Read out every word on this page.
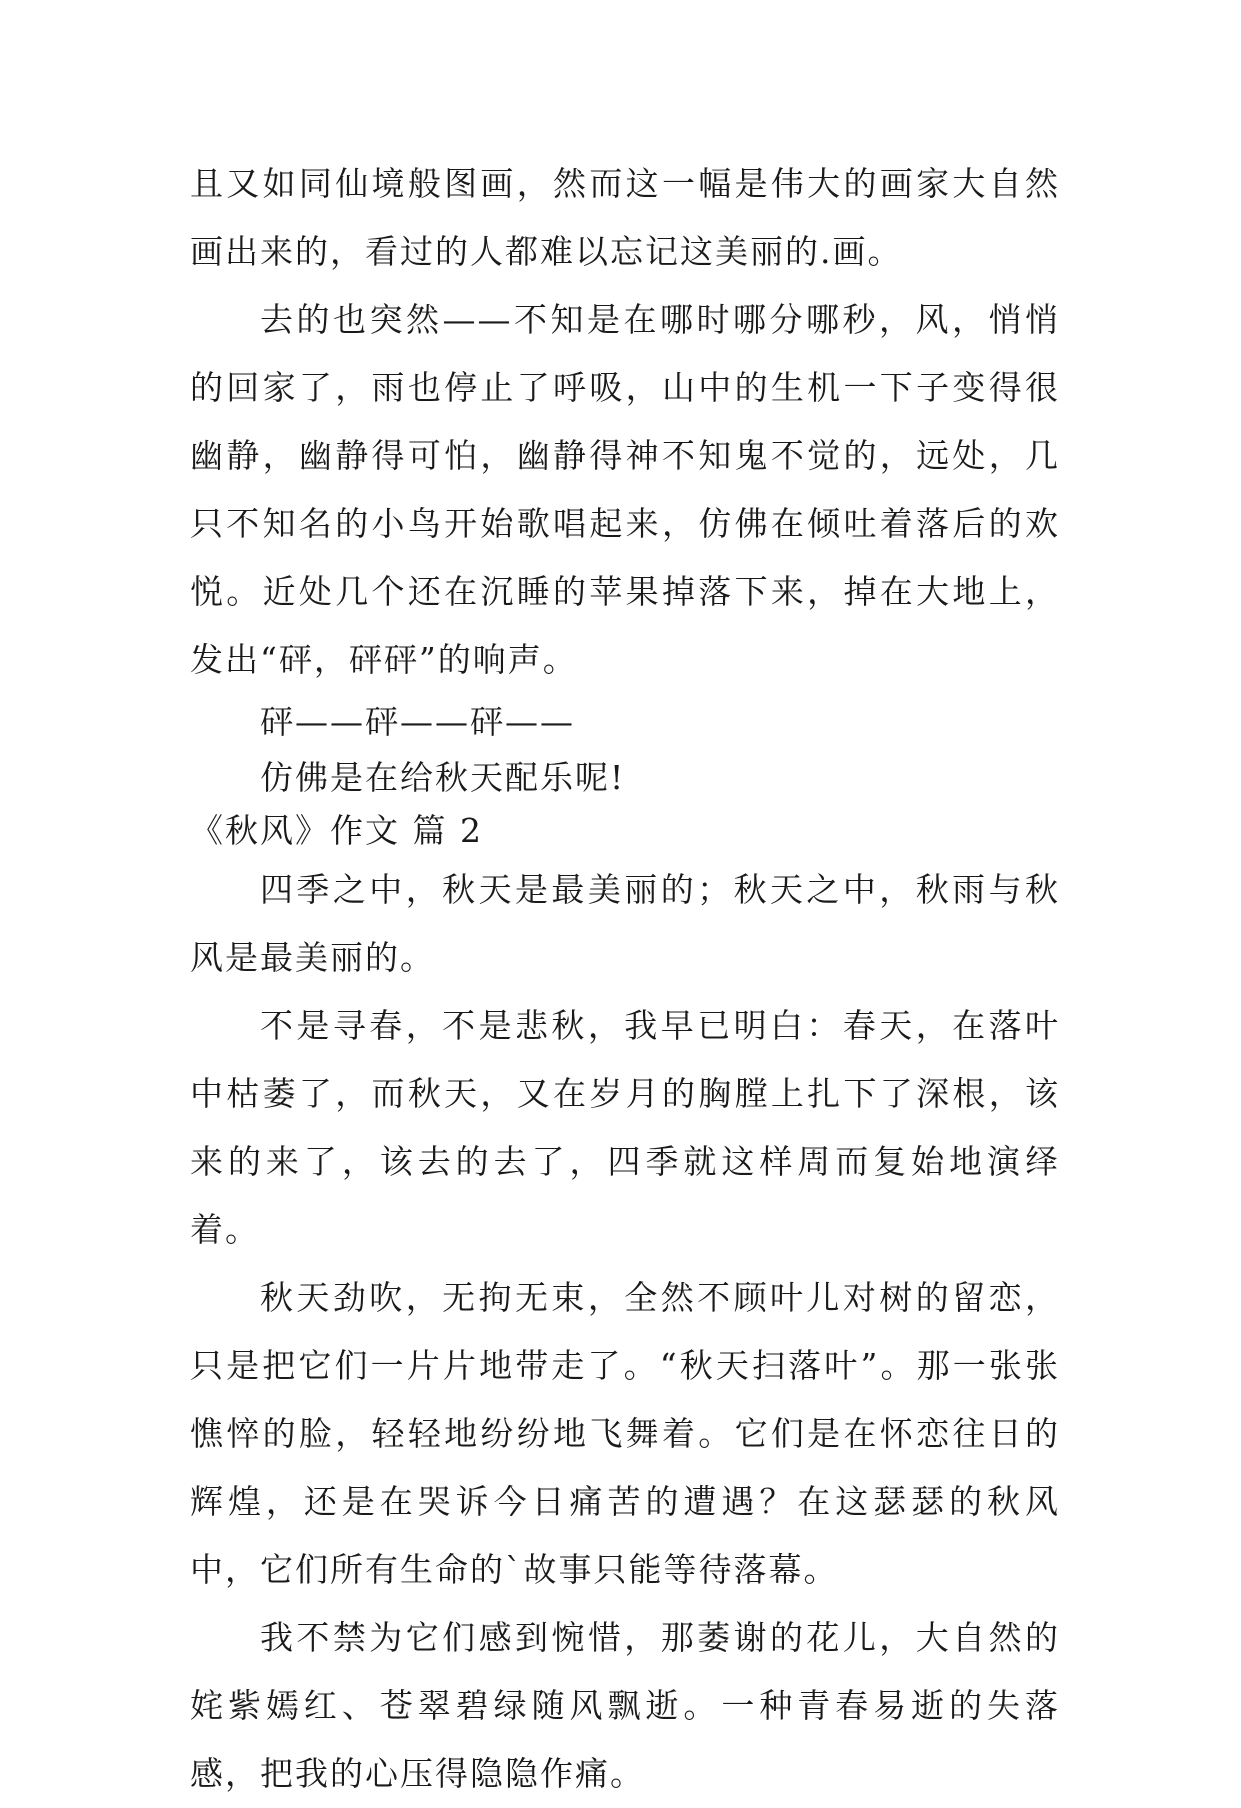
且又如同仙境般图画，然而这一幅是伟大的画家大自然画出来的，看过的人都难以忘记这美丽的.画。

去的也突然——不知是在哪时哪分哪秒，风，悄悄的回家了，雨也停止了呼吸，山中的生机一下子变得很幽静，幽静得可怕，幽静得神不知鬼不觉的，远处，几只不知名的小鸟开始歌唱起来，仿佛在倾吐着落后的欢悦。近处几个还在沉睡的苹果掉落下来，掉在大地上，发出“砰，砰砰”的响声。

砰——砰——砰——

仿佛是在给秋天配乐呢!

《秋风》作文 篇 2

四季之中，秋天是最美丽的；秋天之中，秋雨与秋风是最美丽的。

不是寻春，不是悲秋，我早已明白：春天，在落叶中枯萎了，而秋天，又在岁月的胸膛上扎下了深根，该来的来了，该去的去了，四季就这样周而复始地演绎着。

秋天劲吹，无拘无束，全然不顾叶儿对树的留恋，只是把它们一片片地带走了。“秋天扫落叶”。那一张张憔悴的脸，轻轻地纷纷地飞舞着。它们是在怀恋往日的辉煌，还是在哭诉今日痛苦的遭遇？在这瑟瑟的秋风中，它们所有生命的`故事只能等待落幕。

我不禁为它们感到惋惜，那萎谢的花儿，大自然的姹紫嫣红、苍翠碧绿随风飘逝。一种青春易逝的失落感，把我的心压得隐隐作痛。
